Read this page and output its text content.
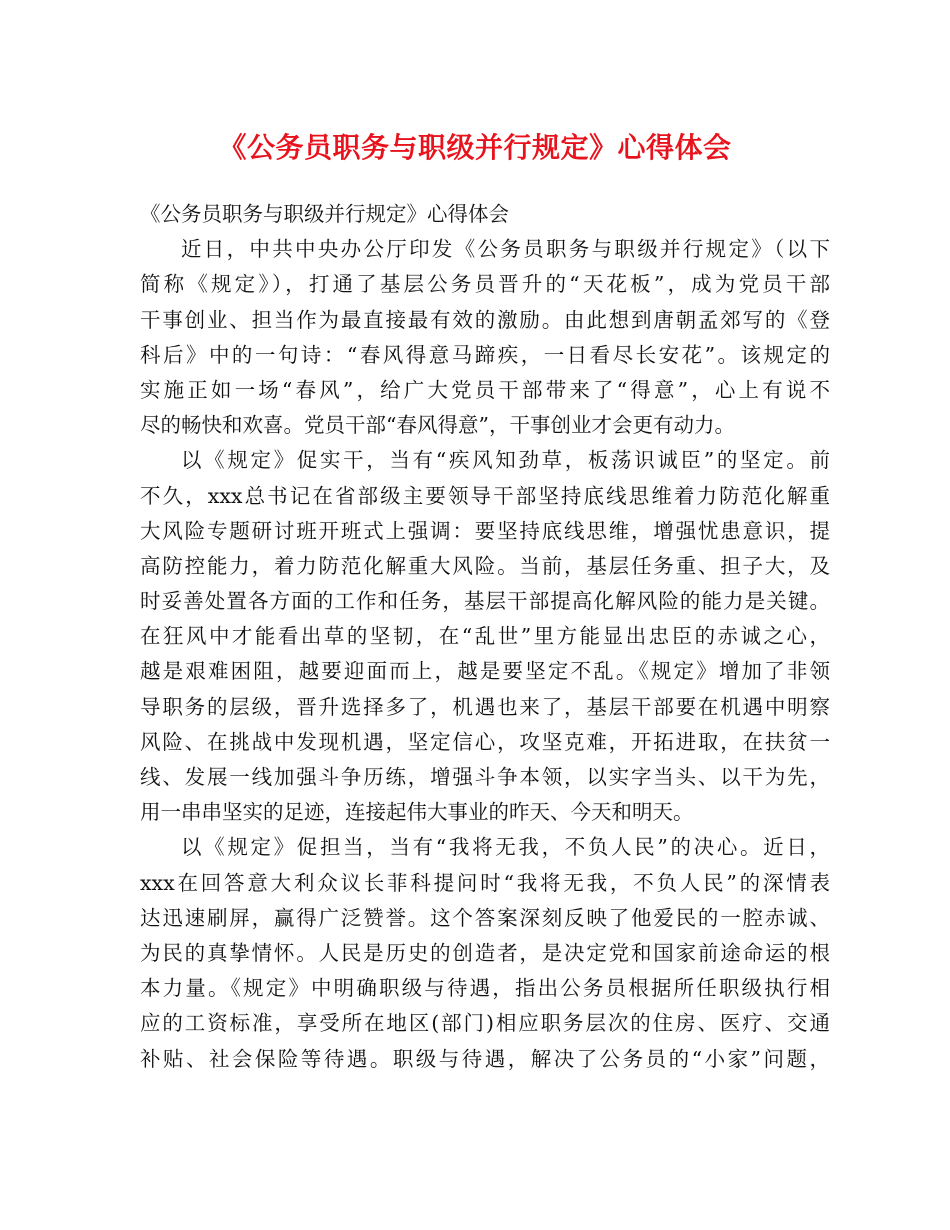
《公务员职务与职级并行规定》心得体会
《公务员职务与职级并行规定》心得体会
近日，中共中央办公厅印发《公务员职务与职级并行规定》（以下
简称《规定》），打通了基层公务员晋升的“天花板”，成为党员干部
干事创业、担当作为最直接最有效的激励。由此想到唐朝孟郊写的《登
科后》中的一句诗：“春风得意马蹄疾，一日看尽长安花”。该规定的
实施正如一场“春风”，给广大党员干部带来了“得意”，心上有说不
尽的畅快和欢喜。党员干部“春风得意”，干事创业才会更有动力。
以《规定》促实干，当有“疾风知劲草，板荡识诚臣”的坚定。前
不久，xxx总书记在省部级主要领导干部坚持底线思维着力防范化解重
大风险专题研讨班开班式上强调：要坚持底线思维，增强忧患意识，提
高防控能力，着力防范化解重大风险。当前，基层任务重、担子大，及
时妥善处置各方面的工作和任务，基层干部提高化解风险的能力是关键。
在狂风中才能看出草的坚韧，在“乱世”里方能显出忠臣的赤诚之心，
越是艰难困阻，越要迎面而上，越是要坚定不乱。《规定》增加了非领
导职务的层级，晋升选择多了，机遇也来了，基层干部要在机遇中明察
风险、在挑战中发现机遇，坚定信心，攻坚克难，开拓进取，在扶贫一
线、发展一线加强斗争历练，增强斗争本领，以实字当头、以干为先，
用一串串坚实的足迹，连接起伟大事业的昨天、今天和明天。
以《规定》促担当，当有“我将无我，不负人民”的决心。近日，
xxx在回答意大利众议长菲科提问时“我将无我，不负人民”的深情表
达迅速刷屏，赢得广泛赞誉。这个答案深刻反映了他爱民的一腔赤诚、
为民的真挚情怀。人民是历史的创造者，是决定党和国家前途命运的根
本力量。《规定》中明确职级与待遇，指出公务员根据所任职级执行相
应的工资标准，享受所在地区(部门)相应职务层次的住房、医疗、交通
补贴、社会保险等待遇。职级与待遇，解决了公务员的“小家”问题，
